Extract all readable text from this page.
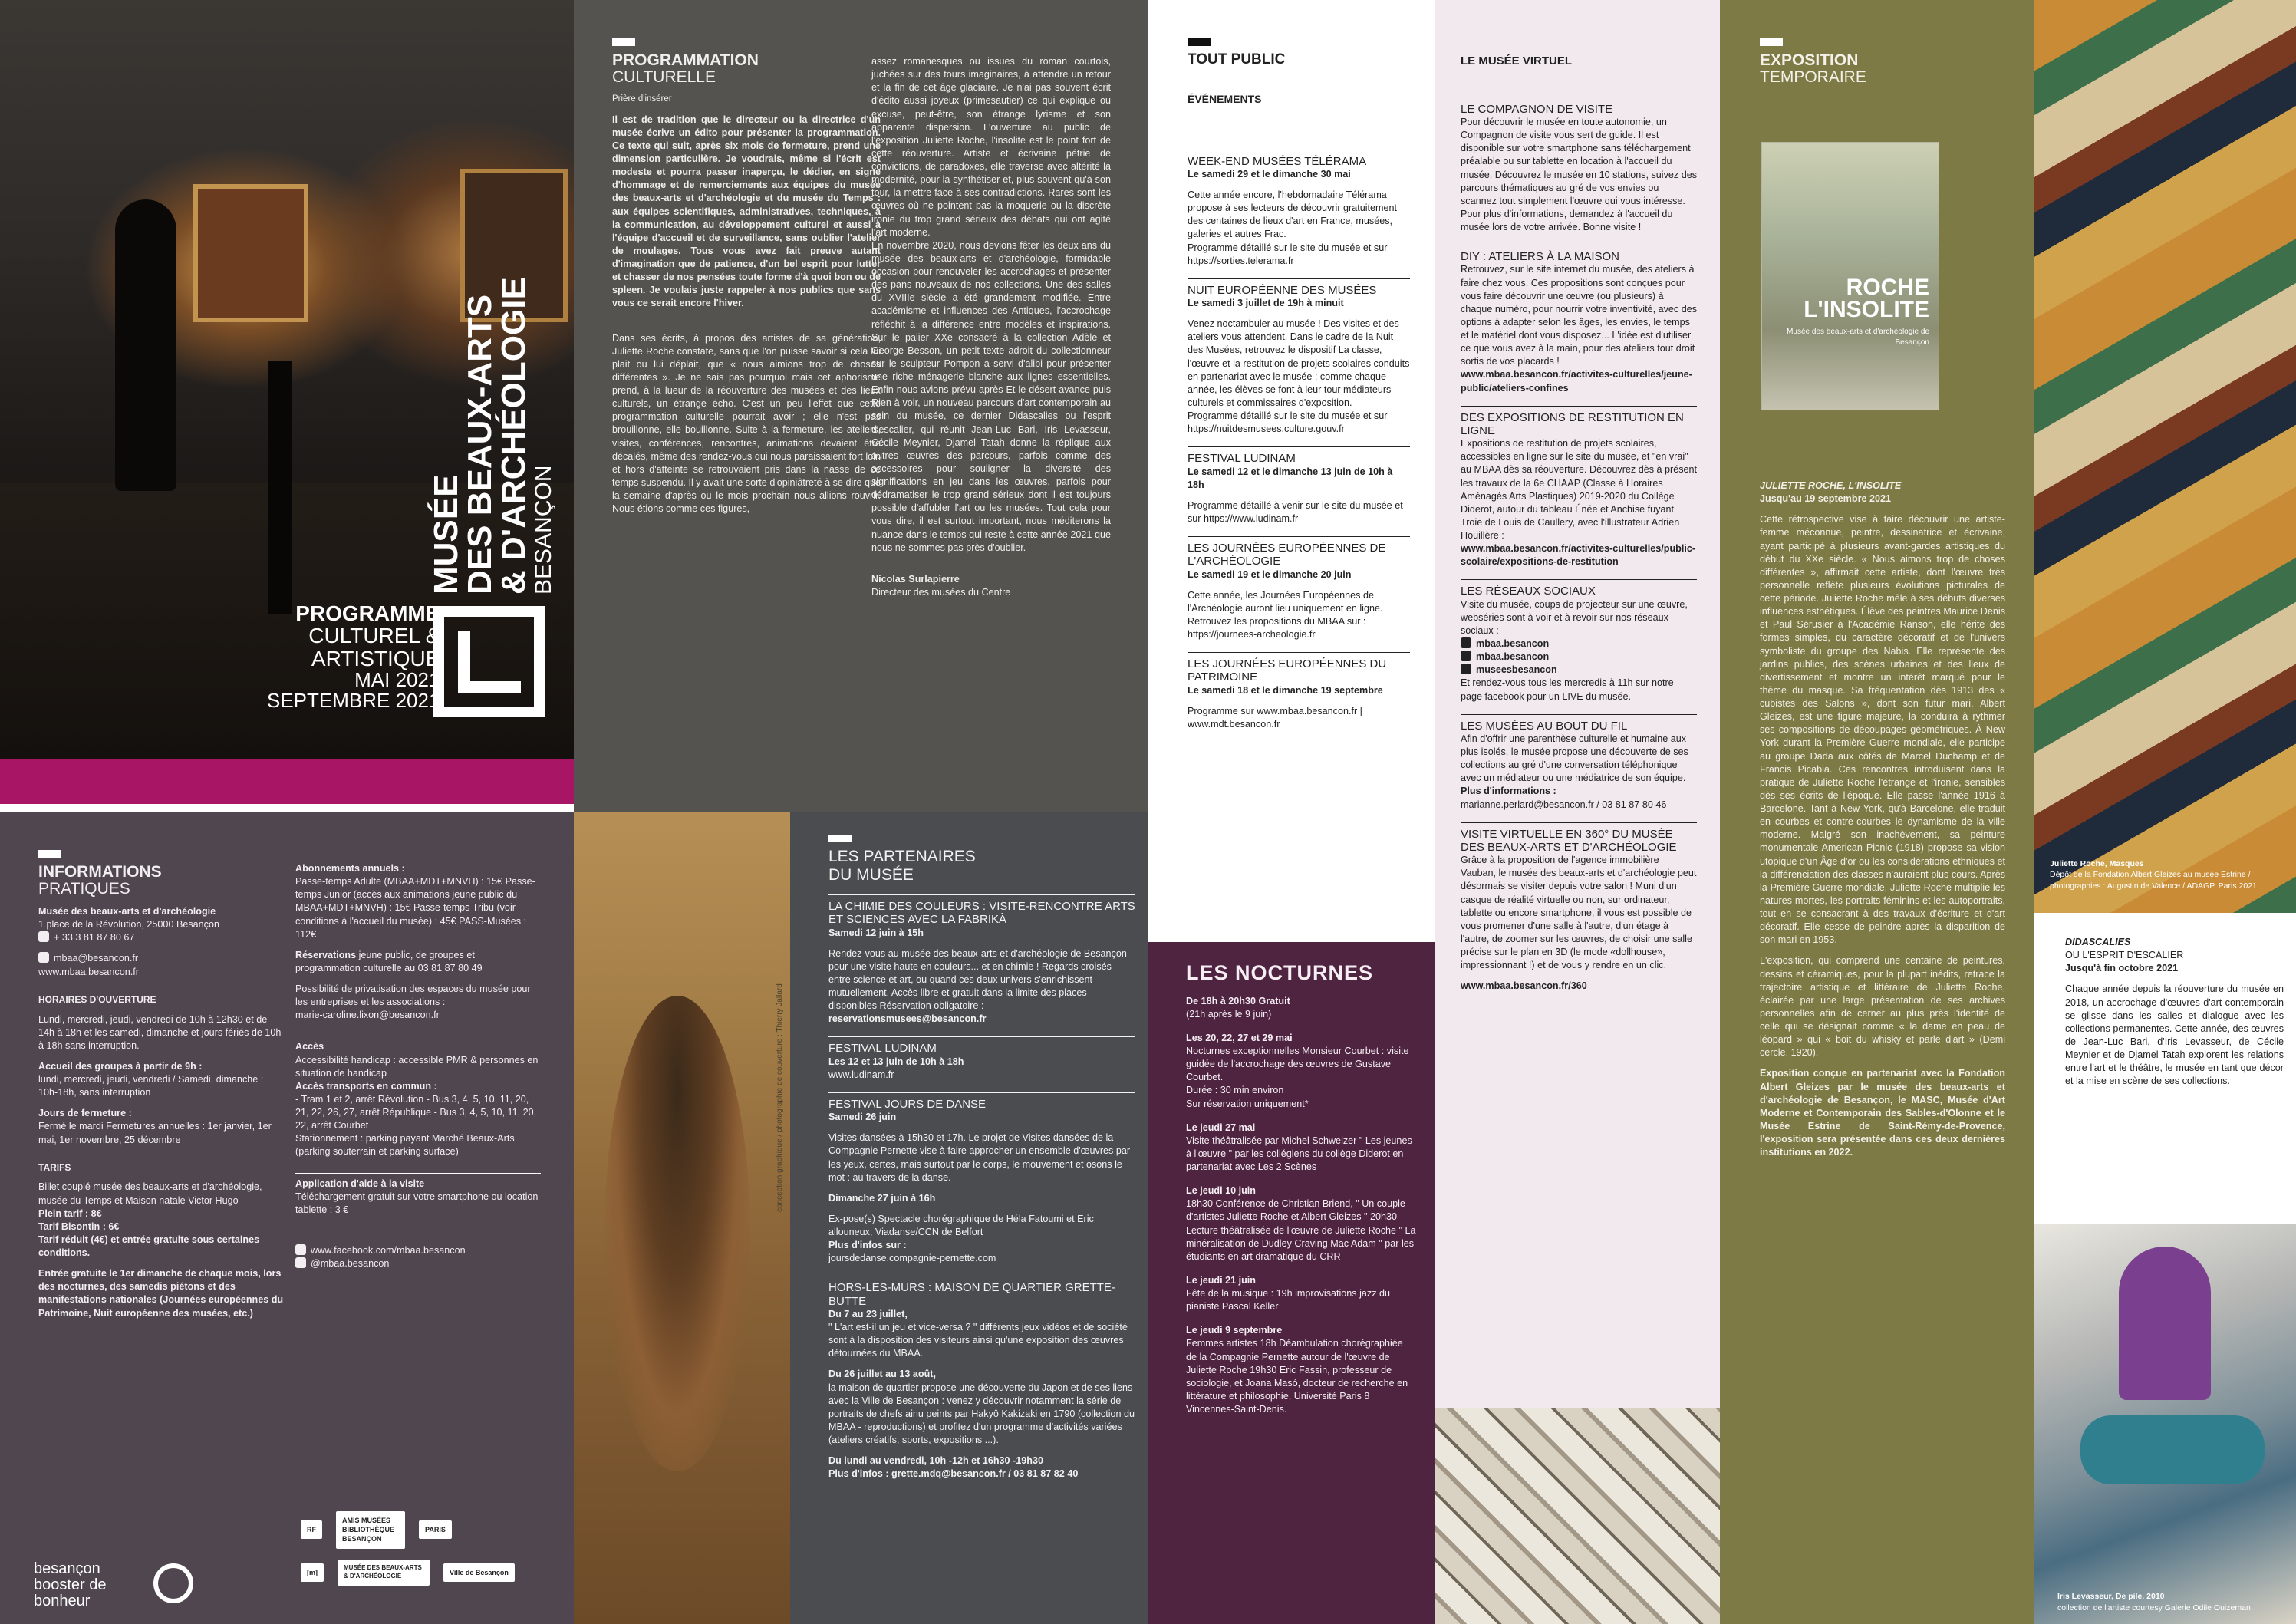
MUSÉE
DES BEAUX-ARTS
& D'ARCHÉOLOGIE
BESANÇON
PROGRAMME
CULTUREL &
ARTISTIQUE
MAI 2021
SEPTEMBRE 2021
PROGRAMMATION
CULTURELLE

Prière d'insérer

Il est de tradition que le directeur ou la directrice d'un musée écrive un édito pour présenter la programmation. Ce texte qui suit, après six mois de fermeture, prend une dimension particulière. Je voudrais, même si l'écrit est modeste et pourra passer inaperçu, le dédier, en signe d'hommage et de remerciements aux équipes du musée des beaux-arts et d'archéologie et du musée du Temps : aux équipes scientifiques, administratives, techniques, à la communication, au développement culturel et aussi à l'équipe d'accueil et de surveillance, sans oublier l'atelier de moulages. Tous vous avez fait preuve autant d'imagination que de patience, d'un bel esprit pour lutter et chasser de nos pensées toute forme d'à quoi bon ou de spleen. Je voulais juste rappeler à nos publics que sans vous ce serait encore l'hiver.

Dans ses écrits, à propos des artistes de sa génération, Juliette Roche constate, sans que l'on puisse savoir si cela lui plait ou lui déplait, que « nous aimions trop de choses différentes ». Je ne sais pas pourquoi mais cet aphorisme prend, à la lueur de la réouverture des musées et des lieux culturels, un étrange écho. C'est un peu l'effet que cette programmation culturelle pourrait avoir ; elle n'est pas brouillonne, elle bouillonne. Suite à la fermeture, les ateliers, visites, conférences, rencontres, animations devaient être décalés, même des rendez-vous qui nous paraissaient fort loin et hors d'atteinte se retrouvaient pris dans la nasse de ce temps suspendu. Il y avait une sorte d'opiniâtreté à se dire que la semaine d'après ou le mois prochain nous allions rouvrir. Nous étions comme ces figures,

assez romanesques ou issues du roman courtois, juchées sur des tours imaginaires, à attendre un retour et la fin de cet âge glaciaire. Je n'ai pas souvent écrit d'édito aussi joyeux (primesautier) ce qui explique ou excuse, peut-être, son étrange lyrisme et son apparente dispersion. L'ouverture au public de l'exposition Juliette Roche, l'insolite est le point fort de cette réouverture. Artiste et écrivaine pétrie de convictions, de paradoxes, elle traverse avec altérité la modernité, pour la synthétiser et, plus souvent qu'à son tour, la mettre face à ses contradictions. Rares sont les œuvres où ne pointent pas la moquerie ou la discrète ironie du trop grand sérieux des débats qui ont agité l'art moderne.

En novembre 2020, nous devions fêter les deux ans du musée des beaux-arts et d'archéologie, formidable occasion pour renouveler les accrochages et présenter des pans nouveaux de nos collections. Une des salles du XVIIIe siècle a été grandement modifiée. Entre académisme et influences des Antiques, l'accrochage réfléchit à la différence entre modèles et inspirations. Sur le palier XXe consacré à la collection Adèle et George Besson, un petit texte adroit du collectionneur sur le sculpteur Pompon a servi d'alibi pour présenter une riche ménagerie blanche aux lignes essentielles. Enfin nous avions prévu après Et le désert avance puis Rien à voir, un nouveau parcours d'art contemporain au sein du musée, ce dernier Didascalies ou l'esprit d'escalier, qui réunit Jean-Luc Bari, Iris Levasseur, Cécile Meynier, Djamel Tatah donne la réplique aux autres œuvres des parcours, parfois comme des accessoires pour souligner la diversité des significations en jeu dans les œuvres, parfois pour dédramatiser le trop grand sérieux dont il est toujours possible d'affubler l'art ou les musées. Tout cela pour vous dire, il est surtout important, nous méditerons la nuance dans le temps qui reste à cette année 2021 que nous ne sommes pas près d'oublier.

Nicolas Surlapierre

Directeur des musées du Centre

TOUT PUBLIC
ÉVÉNEMENTS
WEEK-END MUSÉES TÉLÉRAMA

Le samedi 29 et le dimanche 30 mai

Cette année encore, l'hebdomadaire Télérama propose à ses lecteurs de découvrir gratuitement des centaines de lieux d'art en France, musées, galeries et autres Frac.

Programme détaillé sur le site du musée et sur https://sorties.telerama.fr

NUIT EUROPÉENNE DES MUSÉES

Le samedi 3 juillet de 19h à minuit

Venez noctambuler au musée ! Des visites et des ateliers vous attendent. Dans le cadre de la Nuit des Musées, retrouvez le dispositif La classe, l'œuvre et la restitution de projets scolaires conduits en partenariat avec le musée : comme chaque année, les élèves se font à leur tour médiateurs culturels et commissaires d'exposition.

Programme détaillé sur le site du musée et sur https://nuitdesmusees.culture.gouv.fr

FESTIVAL LUDINAM

Le samedi 12 et le dimanche 13 juin de 10h à 18h

Programme détaillé à venir sur le site du musée et sur https://www.ludinam.fr

LES JOURNÉES EUROPÉENNES DE L'ARCHÉOLOGIE

Le samedi 19 et le dimanche 20 juin

Cette année, les Journées Européennes de l'Archéologie auront lieu uniquement en ligne. Retrouvez les propositions du MBAA sur : https://journees-archeologie.fr

LES JOURNÉES EUROPÉENNES DU PATRIMOINE

Le samedi 18 et le dimanche 19 septembre

Programme sur www.mbaa.besancon.fr | www.mdt.besancon.fr

LE MUSÉE VIRTUEL
LE COMPAGNON DE VISITE

Pour découvrir le musée en toute autonomie, un Compagnon de visite vous sert de guide. Il est disponible sur votre smartphone sans téléchargement préalable ou sur tablette en location à l'accueil du musée. Découvrez le musée en 10 stations, suivez des parcours thématiques au gré de vos envies ou scannez tout simplement l'œuvre qui vous intéresse. Pour plus d'informations, demandez à l'accueil du musée lors de votre arrivée. Bonne visite !

DIY : ATELIERS À LA MAISON

Retrouvez, sur le site internet du musée, des ateliers à faire chez vous. Ces propositions sont conçues pour vous faire découvrir une œuvre (ou plusieurs) à chaque numéro, pour nourrir votre inventivité, avec des options à adapter selon les âges, les envies, le temps et le matériel dont vous disposez... L'idée est d'utiliser ce que vous avez à la main, pour des ateliers tout droit sortis de vos placards !

www.mbaa.besancon.fr/activites-culturelles/jeune-public/ateliers-confines

DES EXPOSITIONS DE RESTITUTION EN LIGNE

Expositions de restitution de projets scolaires, accessibles en ligne sur le site du musée, et "en vrai" au MBAA dès sa réouverture. Découvrez dès à présent les travaux de la 6e CHAAP (Classe à Horaires Aménagés Arts Plastiques) 2019-2020 du Collège Diderot, autour du tableau Énée et Anchise fuyant Troie de Louis de Caullery, avec l'illustrateur Adrien Houillère :

www.mbaa.besancon.fr/activites-culturelles/public-scolaire/expositions-de-restitution

LES RÉSEAUX SOCIAUX

Visite du musée, coups de projecteur sur une œuvre, webséries sont à voir et à revoir sur nos réseaux sociaux :

mbaa.besancon

mbaa.besancon

museesbesancon

Et rendez-vous tous les mercredis à 11h sur notre page facebook pour un LIVE du musée.

LES MUSÉES AU BOUT DU FIL

Afin d'offrir une parenthèse culturelle et humaine aux plus isolés, le musée propose une découverte de ses collections au gré d'une conversation téléphonique avec un médiateur ou une médiatrice de son équipe.

Plus d'informations :

marianne.perlard@besancon.fr / 03 81 87 80 46

VISITE VIRTUELLE EN 360° DU MUSÉE DES BEAUX-ARTS ET D'ARCHÉOLOGIE

Grâce à la proposition de l'agence immobilière Vauban, le musée des beaux-arts et d'archéologie peut désormais se visiter depuis votre salon ! Muni d'un casque de réalité virtuelle ou non, sur ordinateur, tablette ou encore smartphone, il vous est possible de vous promener d'une salle à l'autre, d'un étage à l'autre, de zoomer sur les œuvres, de choisir une salle précise sur le plan en 3D (le mode «dollhouse», impressionnant !) et de vous y rendre en un clic.

www.mbaa.besancon.fr/360

EXPOSITION
TEMPORAIRE

JULIETTE ROCHE, L'INSOLITE

Jusqu'au 19 septembre 2021

Cette rétrospective vise à faire découvrir une artiste-femme méconnue, peintre, dessinatrice et écrivaine, ayant participé à plusieurs avant-gardes artistiques du début du XXe siècle. « Nous aimons trop de choses différentes », affirmait cette artiste, dont l'œuvre très personnelle reflète plusieurs évolutions picturales de cette période. Juliette Roche mêle à ses débuts diverses influences esthétiques. Élève des peintres Maurice Denis et Paul Sérusier à l'Académie Ranson, elle hérite des formes simples, du caractère décoratif et de l'univers symboliste du groupe des Nabis. Elle représente des jardins publics, des scènes urbaines et des lieux de divertissement et montre un intérêt marqué pour le thème du masque. Sa fréquentation dès 1913 des « cubistes des Salons », dont son futur mari, Albert Gleizes, est une figure majeure, la conduira à rythmer ses compositions de découpages géométriques. À New York durant la Première Guerre mondiale, elle participe au groupe Dada aux côtés de Marcel Duchamp et de Francis Picabia. Ces rencontres introduisent dans la pratique de Juliette Roche l'étrange et l'ironie, sensibles dès ses écrits de l'époque. Elle passe l'année 1916 à Barcelone. Tant à New York, qu'à Barcelone, elle traduit en courbes et contre-courbes le dynamisme de la ville moderne. Malgré son inachèvement, sa peinture monumentale American Picnic (1918) propose sa vision utopique d'un Âge d'or ou les considérations ethniques et la différenciation des classes n'auraient plus cours. Après la Première Guerre mondiale, Juliette Roche multiplie les natures mortes, les portraits féminins et les autoportraits, tout en se consacrant à des travaux d'écriture et d'art décoratif. Elle cesse de peindre après la disparition de son mari en 1953.

L'exposition, qui comprend une centaine de peintures, dessins et céramiques, pour la plupart inédits, retrace la trajectoire artistique et littéraire de Juliette Roche, éclairée par une large présentation de ses archives personnelles afin de cerner au plus près l'identité de celle qui se désignait comme « la dame en peau de léopard » qui « boit du whisky et parle d'art » (Demi cercle, 1920).

Exposition conçue en partenariat avec la Fondation Albert Gleizes par le musée des beaux-arts et d'archéologie de Besançon, le MASC, Musée d'Art Moderne et Contemporain des Sables-d'Olonne et le Musée Estrine de Saint-Rémy-de-Provence, l'exposition sera présentée dans ces deux dernières institutions en 2022.

ROCHE L'INSOLITE
Musée des beaux-arts et d'archéologie de Besançon

Juliette Roche, Masques

Dépôt de la Fondation Albert Gleizes au musée Estrine / photographies : Augustin de Valence / ADAGP, Paris 2021

DIDASCALIES

OU L'ESPRIT D'ESCALIER

Jusqu'à fin octobre 2021

Chaque année depuis la réouverture du musée en 2018, un accrochage d'œuvres d'art contemporain se glisse dans les salles et dialogue avec les collections permanentes. Cette année, des œuvres de Jean-Luc Bari, d'Iris Levasseur, de Cécile Meynier et de Djamel Tatah explorent les relations entre l'art et le théâtre, le musée en tant que décor et la mise en scène de ses collections.

Iris Levasseur, De pile, 2010

collection de l'artiste courtesy Galerie Odile Ouizeman

INFORMATIONS
PRATIQUES

Musée des beaux-arts et d'archéologie

1 place de la Révolution, 25000 Besançon

+ 33 3 81 87 80 67

mbaa@besancon.fr

www.mbaa.besancon.fr

HORAIRES D'OUVERTURE

Lundi, mercredi, jeudi, vendredi de 10h à 12h30 et de 14h à 18h et les samedi, dimanche et jours fériés de 10h à 18h sans interruption.

Accueil des groupes à partir de 9h :

lundi, mercredi, jeudi, vendredi / Samedi, dimanche : 10h-18h, sans interruption

Jours de fermeture :

Fermé le mardi Fermetures annuelles : 1er janvier, 1er mai, 1er novembre, 25 décembre

TARIFS

Billet couplé musée des beaux-arts et d'archéologie, musée du Temps et Maison natale Victor Hugo

Plein tarif : 8€

Tarif Bisontin : 6€

Tarif réduit (4€) et entrée gratuite sous certaines conditions.

Entrée gratuite le 1er dimanche de chaque mois, lors des nocturnes, des samedis piétons et des manifestations nationales (Journées européennes du Patrimoine, Nuit européenne des musées, etc.)

Abonnements annuels :

Passe-temps Adulte (MBAA+MDT+MNVH) : 15€ Passe-temps Junior (accès aux animations jeune public du MBAA+MDT+MNVH) : 15€ Passe-temps Tribu (voir conditions à l'accueil du musée) : 45€ PASS-Musées : 112€

Réservations jeune public, de groupes et programmation culturelle au 03 81 87 80 49

Possibilité de privatisation des espaces du musée pour les entreprises et les associations :

marie-caroline.lixon@besancon.fr

Accès

Accessibilité handicap : accessible PMR & personnes en situation de handicap

Accès transports en commun :

- Tram 1 et 2, arrêt Révolution - Bus 3, 4, 5, 10, 11, 20, 21, 22, 26, 27, arrêt République - Bus 3, 4, 5, 10, 11, 20, 22, arrêt Courbet

Stationnement : parking payant Marché Beaux-Arts (parking souterrain et parking surface)

Application d'aide à la visite

Téléchargement gratuit sur votre smartphone ou location tablette : 3 €

www.facebook.com/mbaa.besancon

@mbaa.besancon

RF
AMIS MUSÉES BIBLIOTHÈQUE BESANÇON
PARIS
[m]
MUSÉE DES BEAUX-ARTS & D'ARCHÉOLOGIE	Ville de Besançon
besançon
booster de
bonheur
conception graphique / photographie de couverture : Thierry Jallard
LES PARTENAIRES
DU MUSÉE
LA CHIMIE DES COULEURS : VISITE-RENCONTRE ARTS ET SCIENCES AVEC LA FABRIKÀ

Samedi 12 juin à 15h

Rendez-vous au musée des beaux-arts et d'archéologie de Besançon pour une visite haute en couleurs... et en chimie ! Regards croisés entre science et art, ou quand ces deux univers s'enrichissent mutuellement. Accès libre et gratuit dans la limite des places disponibles Réservation obligatoire :

reservationsmusees@besancon.fr

FESTIVAL LUDINAM

Les 12 et 13 juin de 10h à 18h

www.ludinam.fr

FESTIVAL JOURS DE DANSE

Samedi 26 juin

Visites dansées à 15h30 et 17h. Le projet de Visites dansées de la Compagnie Pernette vise à faire approcher un ensemble d'œuvres par les yeux, certes, mais surtout par le corps, le mouvement et osons le mot : au travers de la danse.

Dimanche 27 juin à 16h

Ex-pose(s) Spectacle chorégraphique de Héla Fatoumi et Eric allouneux, Viadanse/CCN de Belfort

Plus d'infos sur :

joursdedanse.compagnie-pernette.com

HORS-LES-MURS : MAISON DE QUARTIER GRETTE-BUTTE

Du 7 au 23 juillet,

" L'art est-il un jeu et vice-versa ? " différents jeux vidéos et de société sont à la disposition des visiteurs ainsi qu'une exposition des œuvres détournées du MBAA.

Du 26 juillet au 13 août,

la maison de quartier propose une découverte du Japon et de ses liens avec la Ville de Besançon : venez y découvrir notamment la série de portraits de chefs ainu peints par Hakyô Kakizaki en 1790 (collection du MBAA - reproductions) et profitez d'un programme d'activités variées (ateliers créatifs, sports, expositions ...).

Du lundi au vendredi, 10h -12h et 16h30 -19h30

Plus d'infos : grette.mdq@besancon.fr / 03 81 87 82 40

LES NOCTURNES

De 18h à 20h30 Gratuit

(21h après le 9 juin)

Les 20, 22, 27 et 29 mai

Nocturnes exceptionnelles Monsieur Courbet : visite guidée de l'accrochage des œuvres de Gustave Courbet.

Durée : 30 min environ

Sur réservation uniquement*

Le jeudi 27 mai

Visite théâtralisée par Michel Schweizer " Les jeunes à l'œuvre " par les collégiens du collège Diderot en partenariat avec Les 2 Scènes

Le jeudi 10 juin

18h30 Conférence de Christian Briend, " Un couple d'artistes Juliette Roche et Albert Gleizes " 20h30 Lecture théâtralisée de l'œuvre de Juliette Roche " La minéralisation de Dudley Craving Mac Adam " par les étudiants en art dramatique du CRR

Le jeudi 21 juin

Fête de la musique : 19h improvisations jazz du pianiste Pascal Keller

Le jeudi 9 septembre

Femmes artistes 18h Déambulation chorégraphiée de la Compagnie Pernette autour de l'œuvre de Juliette Roche 19h30 Eric Fassin, professeur de sociologie, et Joana Masó, docteur de recherche en littérature et philosophie, Université Paris 8 Vincennes-Saint-Denis.
